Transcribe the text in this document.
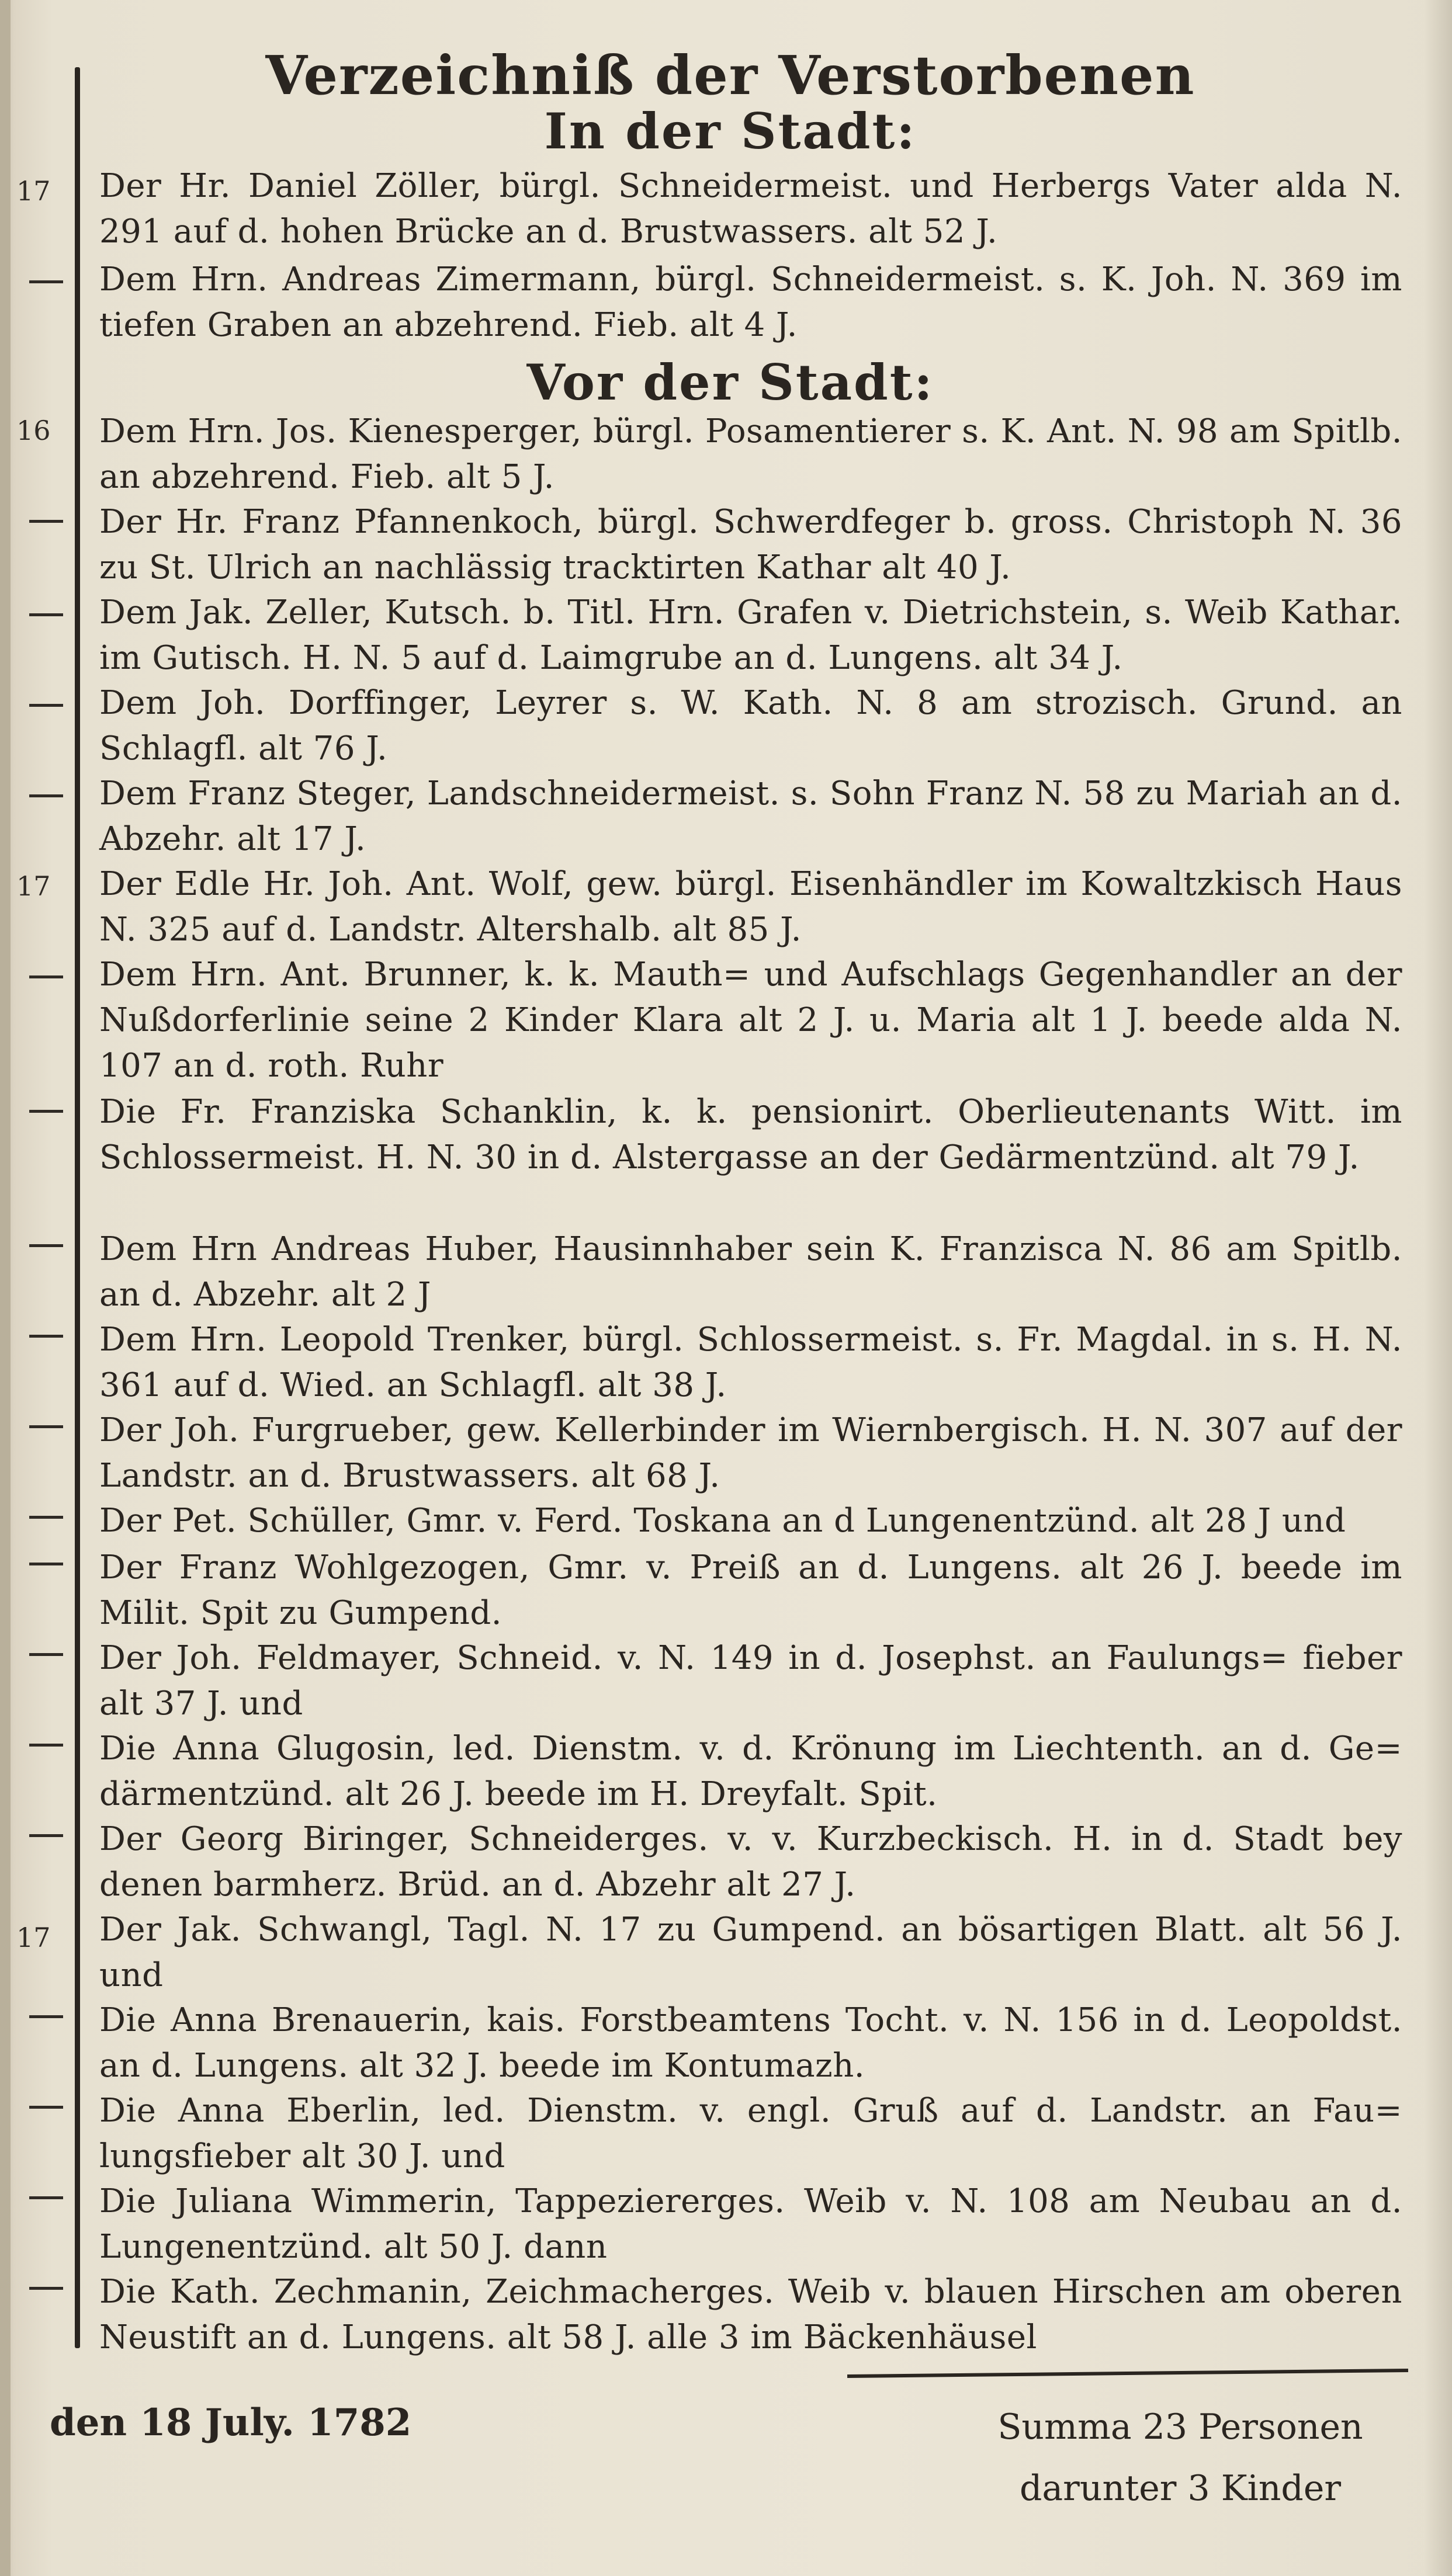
17
16
17
17
Verzeichniß der Verstorbenen
In der Stadt:
Vor der Stadt:
Der Hr. Daniel Zöller, bürgl. Schneidermeist. und Herbergs Vater alda N. 291 auf d. hohen Brücke an d. Brustwassers. alt 52 J.
Dem Hrn. Andreas Zimermann, bürgl. Schneidermeist. s. K. Joh. N. 369 im tiefen Graben an abzehrend. Fieb. alt 4 J.
Dem Hrn. Jos. Kienesperger, bürgl. Posamentierer s. K. Ant. N. 98 am Spitlb. an abzehrend. Fieb. alt 5 J.
Der Hr. Franz Pfannenkoch, bürgl. Schwerdfeger b. gross. Christoph N. 36 zu St. Ulrich an nachlässig tracktirten Kathar alt 40 J.
Dem Jak. Zeller, Kutsch. b. Titl. Hrn. Grafen v. Dietrichstein, s. Weib Kathar. im Gutisch. H. N. 5 auf d. Laimgrube an d. Lungens. alt 34 J.
Dem Joh. Dorffinger, Leyrer s. W. Kath. N. 8 am strozisch. Grund. an Schlagfl. alt 76 J.
Dem Franz Steger, Landschneidermeist. s. Sohn Franz N. 58 zu Mariah an d. Abzehr. alt 17 J.
Der Edle Hr. Joh. Ant. Wolf, gew. bürgl. Eisenhändler im Kowaltzkisch Haus N. 325 auf d. Landstr. Altershalb. alt 85 J.
Dem Hrn. Ant. Brunner, k. k. Mauth= und Aufschlags Gegenhandler an der Nußdorferlinie seine 2 Kinder Klara alt 2 J. u. Maria alt 1 J. beede alda N. 107 an d. roth. Ruhr
Die Fr. Franziska Schanklin, k. k. pensionirt. Oberlieutenants Witt. im Schlossermeist. H. N. 30 in d. Alstergasse an der Gedärmentzünd. alt 79 J.
Dem Hrn Andreas Huber, Hausinnhaber sein K. Franzisca N. 86 am Spitlb. an d. Abzehr. alt 2 J
Dem Hrn. Leopold Trenker, bürgl. Schlossermeist. s. Fr. Magdal. in s. H. N. 361 auf d. Wied. an Schlagfl. alt 38 J.
Der Joh. Furgrueber, gew. Kellerbinder im Wiernbergisch. H. N. 307 auf der Landstr. an d. Brustwassers. alt 68 J.
Der Pet. Schüller, Gmr. v. Ferd. Toskana an d Lungenentzünd. alt 28 J und
Der Franz Wohlgezogen, Gmr. v. Preiß an d. Lungens. alt 26 J. beede im Milit. Spit zu Gumpend.
Der Joh. Feldmayer, Schneid. v. N. 149 in d. Josephst. an Faulungs= fieber alt 37 J. und
Die Anna Glugosin, led. Dienstm. v. d. Krönung im Liechtenth. an d. Ge= därmentzünd. alt 26 J. beede im H. Dreyfalt. Spit.
Der Georg Biringer, Schneiderges. v. v. Kurzbeckisch. H. in d. Stadt bey denen barmherz. Brüd. an d. Abzehr alt 27 J.
Der Jak. Schwangl, Tagl. N. 17 zu Gumpend. an bösartigen Blatt. alt 56 J. und
Die Anna Brenauerin, kais. Forstbeamtens Tocht. v. N. 156 in d. Leopoldst. an d. Lungens. alt 32 J. beede im Kontumazh.
Die Anna Eberlin, led. Dienstm. v. engl. Gruß auf d. Landstr. an Fau= lungsfieber alt 30 J. und
Die Juliana Wimmerin, Tappeziererges. Weib v. N. 108 am Neubau an d. Lungenentzünd. alt 50 J. dann
Die Kath. Zechmanin, Zeichmacherges. Weib v. blauen Hirschen am oberen Neustift an d. Lungens. alt 58 J. alle 3 im Bäckenhäusel
den 18 July. 1782	Summa 23 Personen
darunter 3 Kinder
